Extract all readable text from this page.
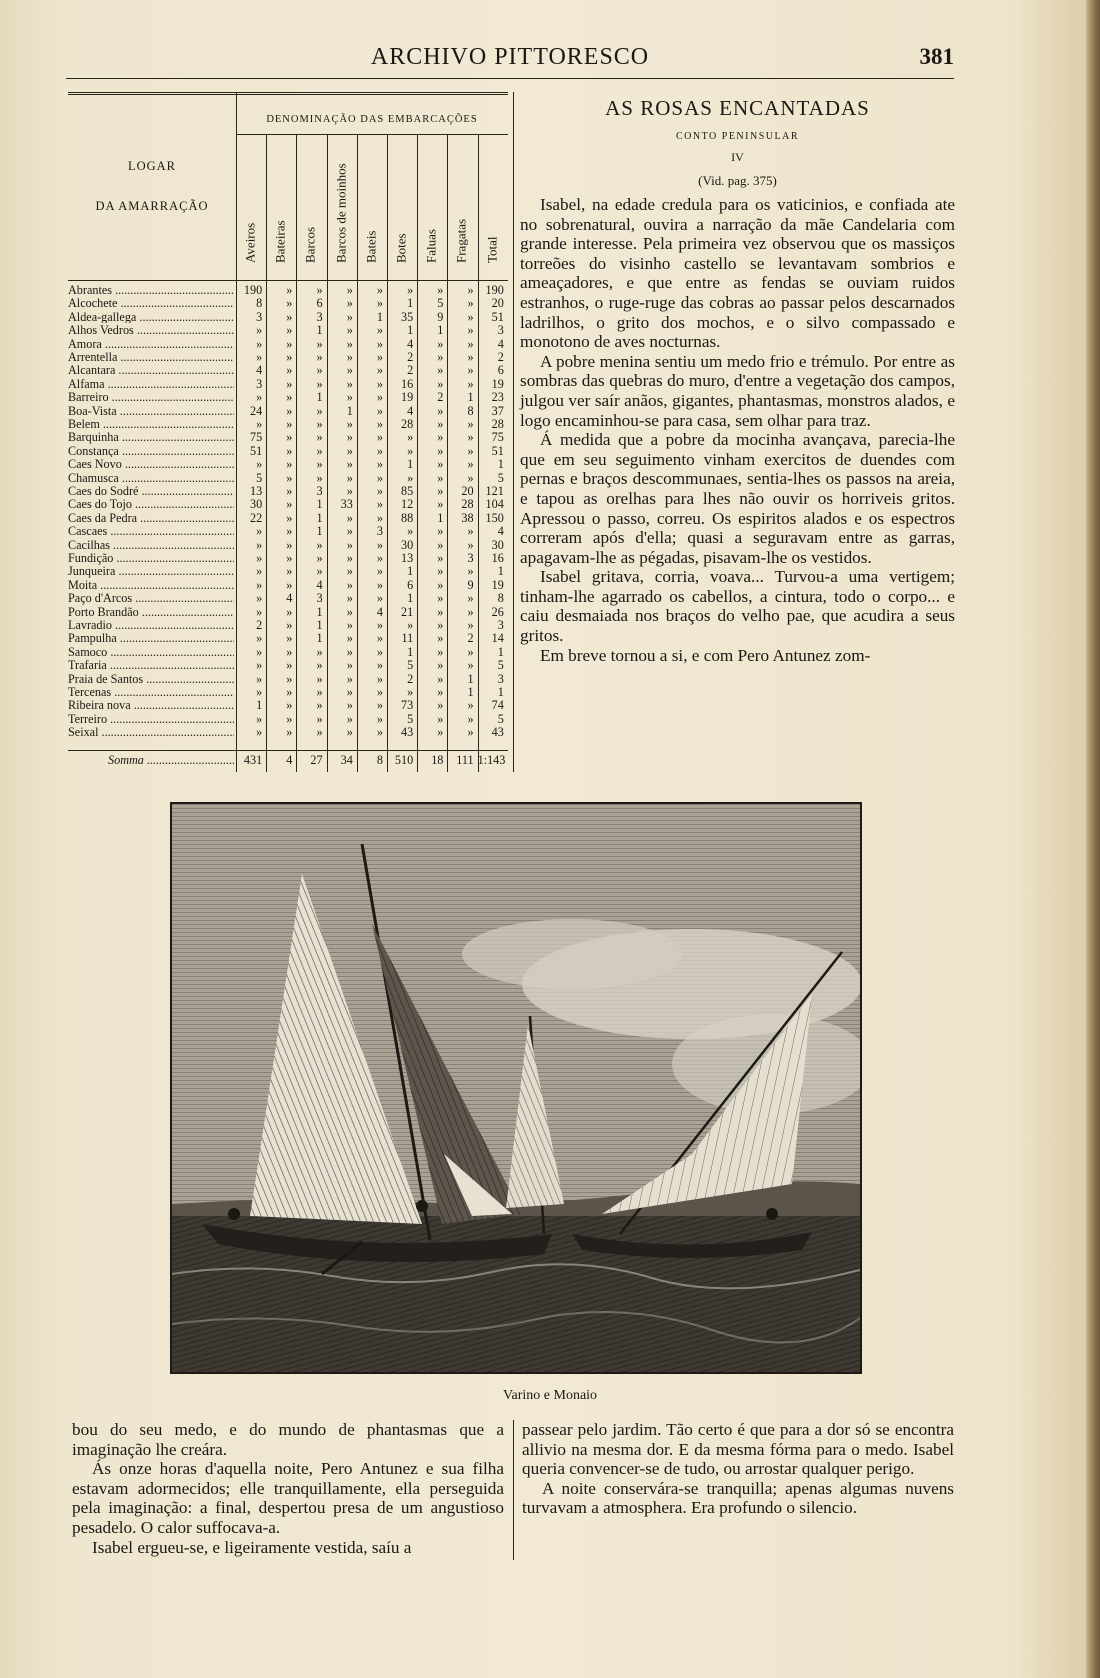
ARCHIVO PITTORESCO	381
LOGAR
DA AMARRAÇÃO
DENOMINAÇÃO DAS EMBARCAÇÕES
Aveiros Bateiras Barcos Barcos de moinhos Bateis Botes Faluas Fragatas Total
Abrantes .....	190	»	»	»	»	»	»	» 190
Alcochete .....	8	»	6	»	»	1	5	»	20
Aldea-gallega .....	3	»	3	»	1	35	9	»	51
Alhos Vedros .....	»	»	1	»	»	1	1	»	3
Amora .....	»	»	»	»	»	4	»	»	4
Arrentella .....	»	»	»	»	»	2	»	»	2
Alcantara .....	4	»	»	»	»	2	»	»	6
Alfama .....	3	»	»	»	»	16	»	»	19
Barreiro .....	»	»	1	»	»	19	2	1	23
Boa-Vista .....	24	»	»	1	»	4	»	8	37
Belem .....	»	»	»	»	»	28	»	»	28
Barquinha .....	75	»	»	»	»	»	»	»	75
Constança .....	51	»	»	»	»	»	»	»	51
Caes Novo .....	»	»	»	»	»	1	»	»	1
Chamusca .....	5	»	»	»	»	»	»	»	5
Caes do Sodré .....	13	»	3	»	»	85	»	20 121
Caes do Tojo .....	30	»	1	33	»	12	»	28 104
Caes da Pedra .....	22	»	1	»	»	88	1	38 150
Cascaes .....	»	»	1	»	3	»	»	»	4
Cacilhas .....	»	»	»	»	»	30	»	»	30
Fundição .....	»	»	»	»	»	13	»	3	16
Junqueira .....	»	»	»	»	»	1	»	»	1
Moita .....	»	»	4	»	»	6	»	9	19
Paço d'Arcos .....	»	4	3	»	»	1	»	»	8
Porto Brandão .....	»	»	1	»	4	21	»	»	26
Lavradio .....	2	»	1	»	»	»	»	»	3
Pampulha .....	»	»	1	»	»	11	»	2	14
Samoco .....	»	»	»	»	»	1	»	»	1
Trafaria .....	»	»	»	»	»	5	»	»	5
Praia de Santos .....	»	»	»	»	»	2	»	1	3
Tercenas .....	»	»	»	»	»	»	»	1	1
Ribeira nova .....	1	»	»	»	»	73	»	»	74
Terreiro .....	»	»	»	»	»	5	»	»	5
Seixal .....	»	»	»	»	»	43	»	»	43
Somma .....	431	4	27	34	8 510	18	111 1:143
AS ROSAS ENCANTADAS
CONTO PENINSULAR
IV
(Vid. pag. 375)

Isabel, na edade credula para os vaticinios, e confiada ate no sobrenatural, ouvira a narração da mãe Candelaria com grande interesse. Pela primeira vez observou que os massiços torreões do visinho castello se levantavam sombrios e ameaçadores, e que entre as fendas se ouviam ruidos estranhos, o ruge-ruge das cobras ao passar pelos descarnados ladrilhos, o grito dos mochos, e o silvo compassado e monotono de aves nocturnas.

A pobre menina sentiu um medo frio e trémulo. Por entre as sombras das quebras do muro, d'entre a vegetação dos campos, julgou ver saír anãos, gigantes, phantasmas, monstros alados, e logo encaminhou-se para casa, sem olhar para traz.

Á medida que a pobre da mocinha avançava, parecia-lhe que em seu seguimento vinham exercitos de duendes com pernas e braços descommunaes, sentia-lhes os passos na areia, e tapou as orelhas para lhes não ouvir os horriveis gritos. Apressou o passo, correu. Os espiritos alados e os espectros correram após d'ella; quasi a seguravam entre as garras, apagavam-lhe as pégadas, pisavam-lhe os vestidos.

Isabel gritava, corria, voava... Turvou-a uma vertigem; tinham-lhe agarrado os cabellos, a cintura, todo o corpo... e caiu desmaiada nos braços do velho pae, que acudira a seus gritos.

Em breve tornou a si, e com Pero Antunez zom-

Varino e Monaio

bou do seu medo, e do mundo de phantasmas que a imaginação lhe creára.

Ás onze horas d'aquella noite, Pero Antunez e sua filha estavam adormecidos; elle tranquillamente, ella perseguida pela imaginação: a final, despertou presa de um angustioso pesadelo. O calor suffocava-a.

Isabel ergueu-se, e ligeiramente vestida, saíu a

passear pelo jardim. Tão certo é que para a dor só se encontra allivio na mesma dor. E da mesma fórma para o medo. Isabel queria convencer-se de tudo, ou arrostar qualquer perigo.

A noite conservára-se tranquilla; apenas algumas nuvens turvavam a atmosphera. Era profundo o silencio.
